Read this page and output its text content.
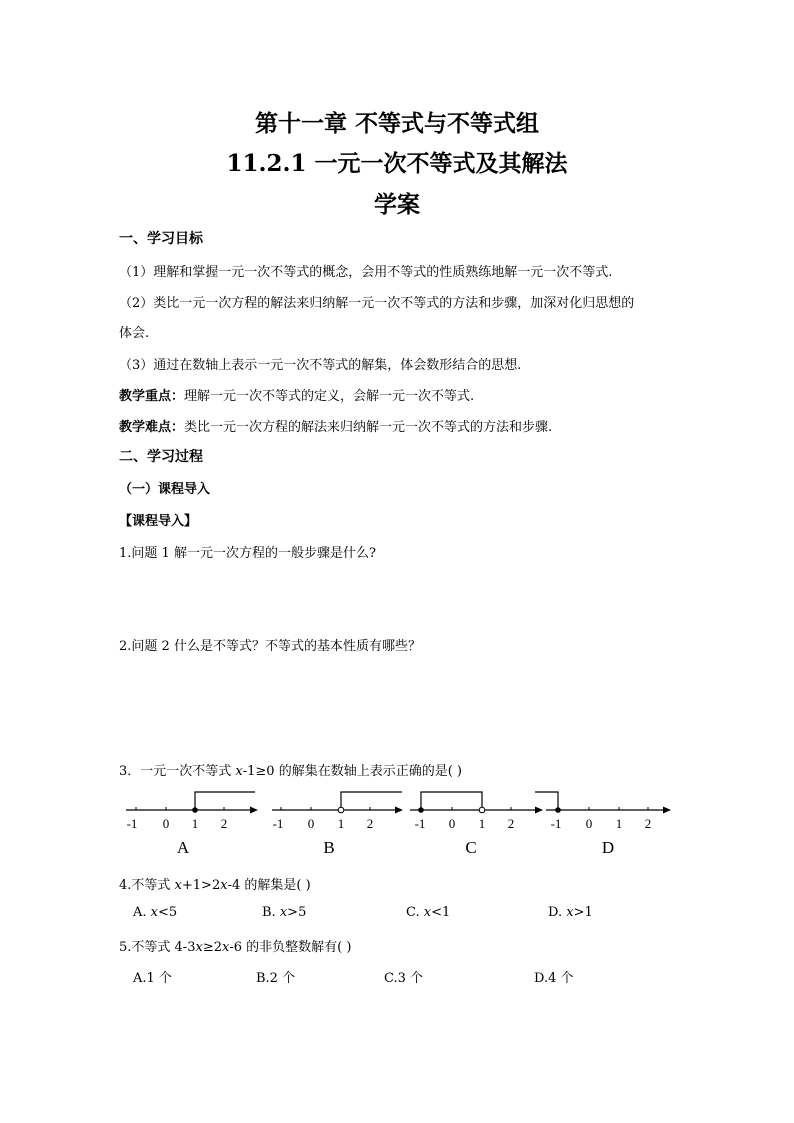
第十一章 不等式与不等式组
11.2.1 一元一次不等式及其解法
学案
一、学习目标
（1）理解和掌握一元一次不等式的概念，会用不等式的性质熟练地解一元一次不等式.
（2）类比一元一次方程的解法来归纳解一元一次不等式的方法和步骤，加深对化归思想的
体会.
（3）通过在数轴上表示一元一次不等式的解集，体会数形结合的思想.
教学重点：理解一元一次不等式的定义，会解一元一次不等式.
教学难点：类比一元一次方程的解法来归纳解一元一次不等式的方法和步骤.
二、学习过程
（一）课程导入
【课程导入】
1.问题 1 解一元一次方程的一般步骤是什么?
2.问题 2 什么是不等式？不等式的基本性质有哪些？
3．一元一次不等式 x-1≥0 的解集在数轴上表示正确的是( )
-1 0 1 2
A
-1 0 1 2
B
-1 0 1 2
C
-1 0 1 2
D
4.不等式 x+1>2x-4 的解集是( )
A. x<5	B. x>5	C. x<1	D. x>1
5.不等式 4-3x≥2x-6 的非负整数解有( )
A.1 个	B.2 个	C.3 个	D.4 个
